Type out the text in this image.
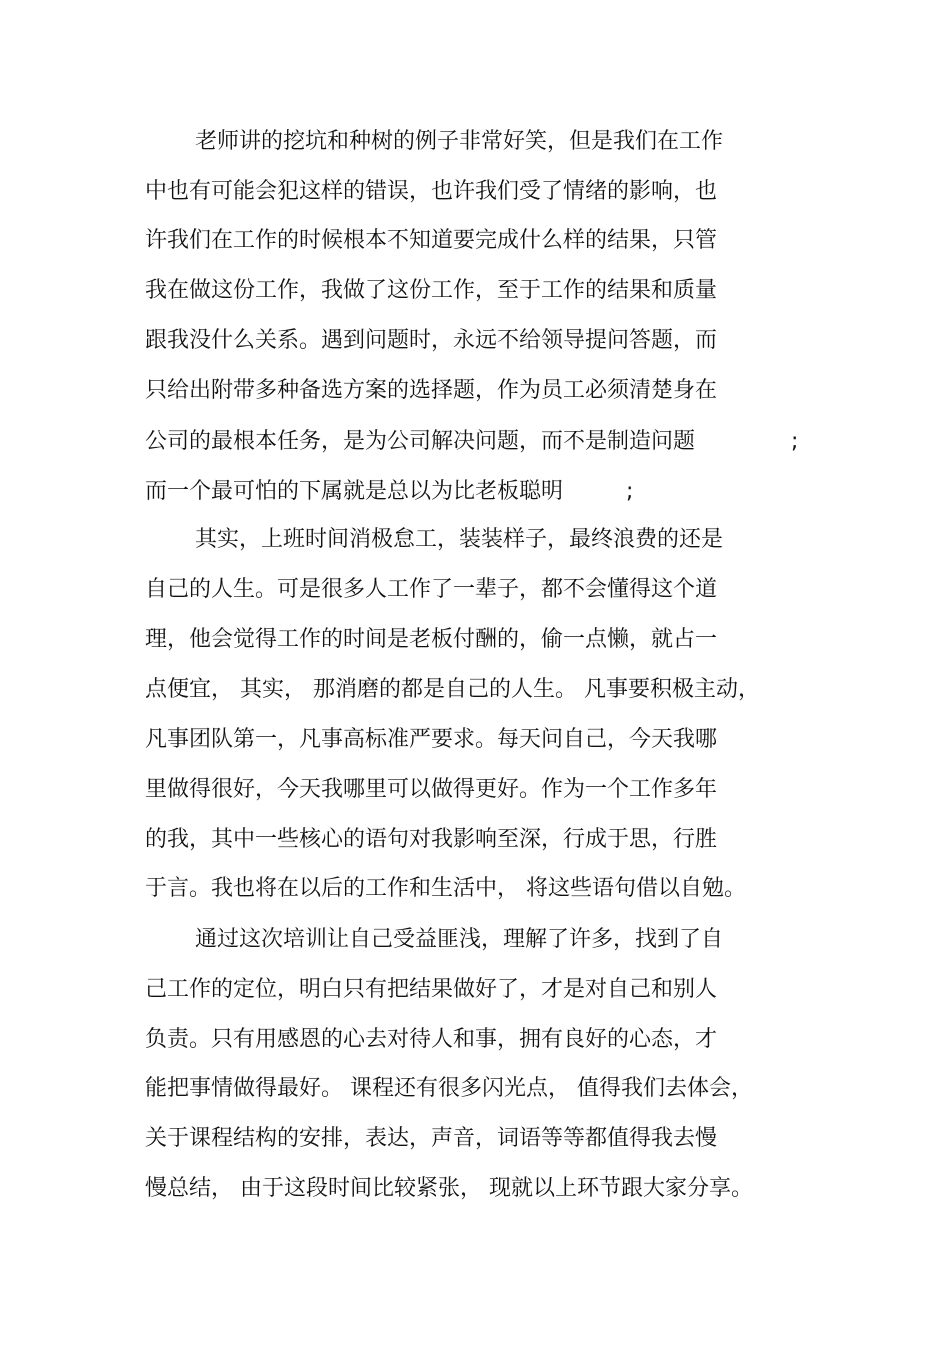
老师讲的挖坑和种树的例子非常好笑，但是我们在工作
中也有可能会犯这样的错误，也许我们受了情绪的影响，也
许我们在工作的时候根本不知道要完成什么样的结果，只管
我在做这份工作，我做了这份工作，至于工作的结果和质量
跟我没什么关系。遇到问题时，永远不给领导提问答题，而
只给出附带多种备选方案的选择题，作为员工必须清楚身在
公司的最根本任务，是为公司解决问题，而不是制造问题	;
而一个最可怕的下属就是总以为比老板聪明	;
其实，上班时间消极怠工，装装样子，最终浪费的还是
自己的人生。可是很多人工作了一辈子，都不会懂得这个道
理，他会觉得工作的时间是老板付酬的，偷一点懒，就占一
点便宜， 其实， 那消磨的都是自己的人生。 凡事要积极主动，
凡事团队第一，凡事高标准严要求。每天问自己，今天我哪
里做得很好，今天我哪里可以做得更好。作为一个工作多年
的我，其中一些核心的语句对我影响至深，行成于思，行胜
于言。我也将在以后的工作和生活中， 将这些语句借以自勉。
通过这次培训让自己受益匪浅，理解了许多，找到了自
己工作的定位，明白只有把结果做好了，才是对自己和别人
负责。只有用感恩的心去对待人和事，拥有良好的心态，才
能把事情做得最好。 课程还有很多闪光点， 值得我们去体会，
关于课程结构的安排，表达，声音，词语等等都值得我去慢
慢总结， 由于这段时间比较紧张， 现就以上环节跟大家分享。
